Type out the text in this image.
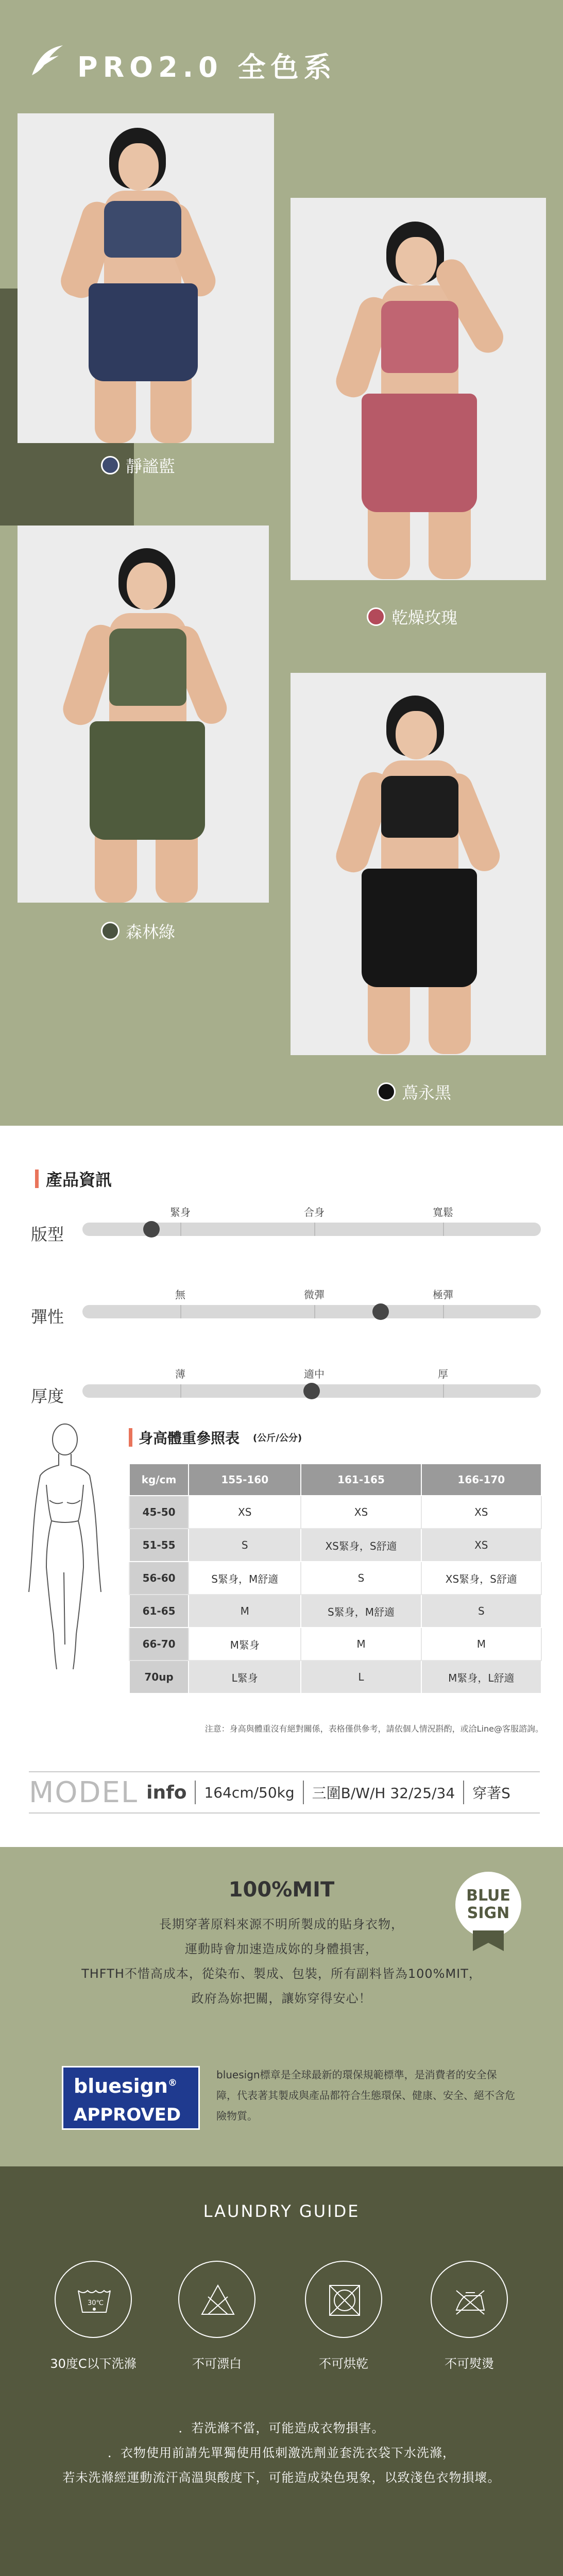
PRO2.0 全色系
靜謐藍
乾燥玫瑰
森林綠
蔦永黑
產品資訊
版型
緊身	合身	寬鬆
彈性
無	微彈	極彈
厚度
薄	適中	厚
身高體重參照表 (公斤/公分)
kg/cm	155-160	161-165	166-170
45-50	XS	XS	XS
51-55	S	XS緊身，S舒適	XS
56-60	S緊身，M舒適	S	XS緊身，S舒適
61-65	M	S緊身，M舒適	S
66-70	M緊身	M	M
70up	L緊身	L	M緊身，L舒適
注意：身高與體重沒有絕對關係，表格僅供參考，請依個人情況斟酌，或洽Line@客服諮詢。
MODEL info 164cm/50kg 三圍B/W/H 32/25/34 穿著S
100%MIT
長期穿著原料來源不明所製成的貼身衣物，
運動時會加速造成妳的身體損害，
THFTH不惜高成本，從染布、製成、包裝，所有副料皆為100%MIT，
政府為妳把關，讓妳穿得安心！
BLUE
SIGN
bluesign®
APPROVED
bluesign標章是全球最新的環保規範標準，是消費者的安全保障，代表著其製成與產品都符合生態環保、健康、安全、絕不含危險物質。
LAUNDRY GUIDE
30℃
30度C以下洗滌	不可漂白	不可烘乾	不可熨燙
．若洗滌不當，可能造成衣物損害。
．衣物使用前請先單獨使用低刺激洗劑並套洗衣袋下水洗滌，
若未洗滌經運動流汗高溫與酸度下，可能造成染色現象，以致淺色衣物損壞。
